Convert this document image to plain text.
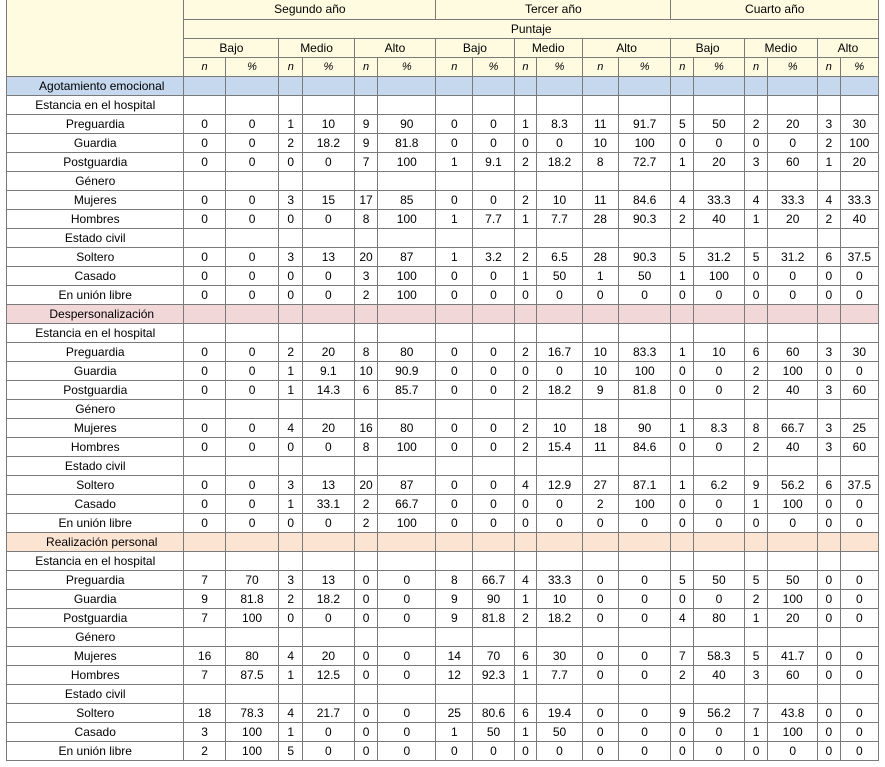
	Segundo año						Tercer año						Cuarto año					
	Puntaje																	
	Bajo		Medio		Alto		Bajo		Medio		Alto		Bajo		Medio		Alto	
	n	%	n	%	n	%	n	%	n	%	n	%	n	%	n	%	n	%
Agotamiento emocional																		
Estancia en el hospital																		
Preguardia	0	0	1	10	9	90	0	0	1	8.3	11	91.7	5	50	2	20	3	30
Guardia	0	0	2	18.2	9	81.8	0	0	0	0	10	100	0	0	0	0	2	100
Postguardia	0	0	0	0	7	100	1	9.1	2	18.2	8	72.7	1	20	3	60	1	20
Género																		
Mujeres	0	0	3	15	17	85	0	0	2	10	11	84.6	4	33.3	4	33.3	4	33.3
Hombres	0	0	0	0	8	100	1	7.7	1	7.7	28	90.3	2	40	1	20	2	40
Estado civil																		
Soltero	0	0	3	13	20	87	1	3.2	2	6.5	28	90.3	5	31.2	5	31.2	6	37.5
Casado	0	0	0	0	3	100	0	0	1	50	1	50	1	100	0	0	0	0
En unión libre	0	0	0	0	2	100	0	0	0	0	0	0	0	0	0	0	0	0
Despersonalización																		
Estancia en el hospital																		
Preguardia	0	0	2	20	8	80	0	0	2	16.7	10	83.3	1	10	6	60	3	30
Guardia	0	0	1	9.1	10	90.9	0	0	0	0	10	100	0	0	2	100	0	0
Postguardia	0	0	1	14.3	6	85.7	0	0	2	18.2	9	81.8	0	0	2	40	3	60
Género																		
Mujeres	0	0	4	20	16	80	0	0	2	10	18	90	1	8.3	8	66.7	3	25
Hombres	0	0	0	0	8	100	0	0	2	15.4	11	84.6	0	0	2	40	3	60
Estado civil																		
Soltero	0	0	3	13	20	87	0	0	4	12.9	27	87.1	1	6.2	9	56.2	6	37.5
Casado	0	0	1	33.1	2	66.7	0	0	0	0	2	100	0	0	1	100	0	0
En unión libre	0	0	0	0	2	100	0	0	0	0	0	0	0	0	0	0	0	0
Realización personal																		
Estancia en el hospital																		
Preguardia	7	70	3	13	0	0	8	66.7	4	33.3	0	0	5	50	5	50	0	0
Guardia	9	81.8	2	18.2	0	0	9	90	1	10	0	0	0	0	2	100	0	0
Postguardia	7	100	0	0	0	0	9	81.8	2	18.2	0	0	4	80	1	20	0	0
Género																		
Mujeres	16	80	4	20	0	0	14	70	6	30	0	0	7	58.3	5	41.7	0	0
Hombres	7	87.5	1	12.5	0	0	12	92.3	1	7.7	0	0	2	40	3	60	0	0
Estado civil																		
Soltero	18	78.3	4	21.7	0	0	25	80.6	6	19.4	0	0	9	56.2	7	43.8	0	0
Casado	3	100	1	0	0	0	1	50	1	50	0	0	0	0	1	100	0	0
En unión libre	2	100	5	0	0	0	0	0	0	0	0	0	0	0	0	0	0	0
